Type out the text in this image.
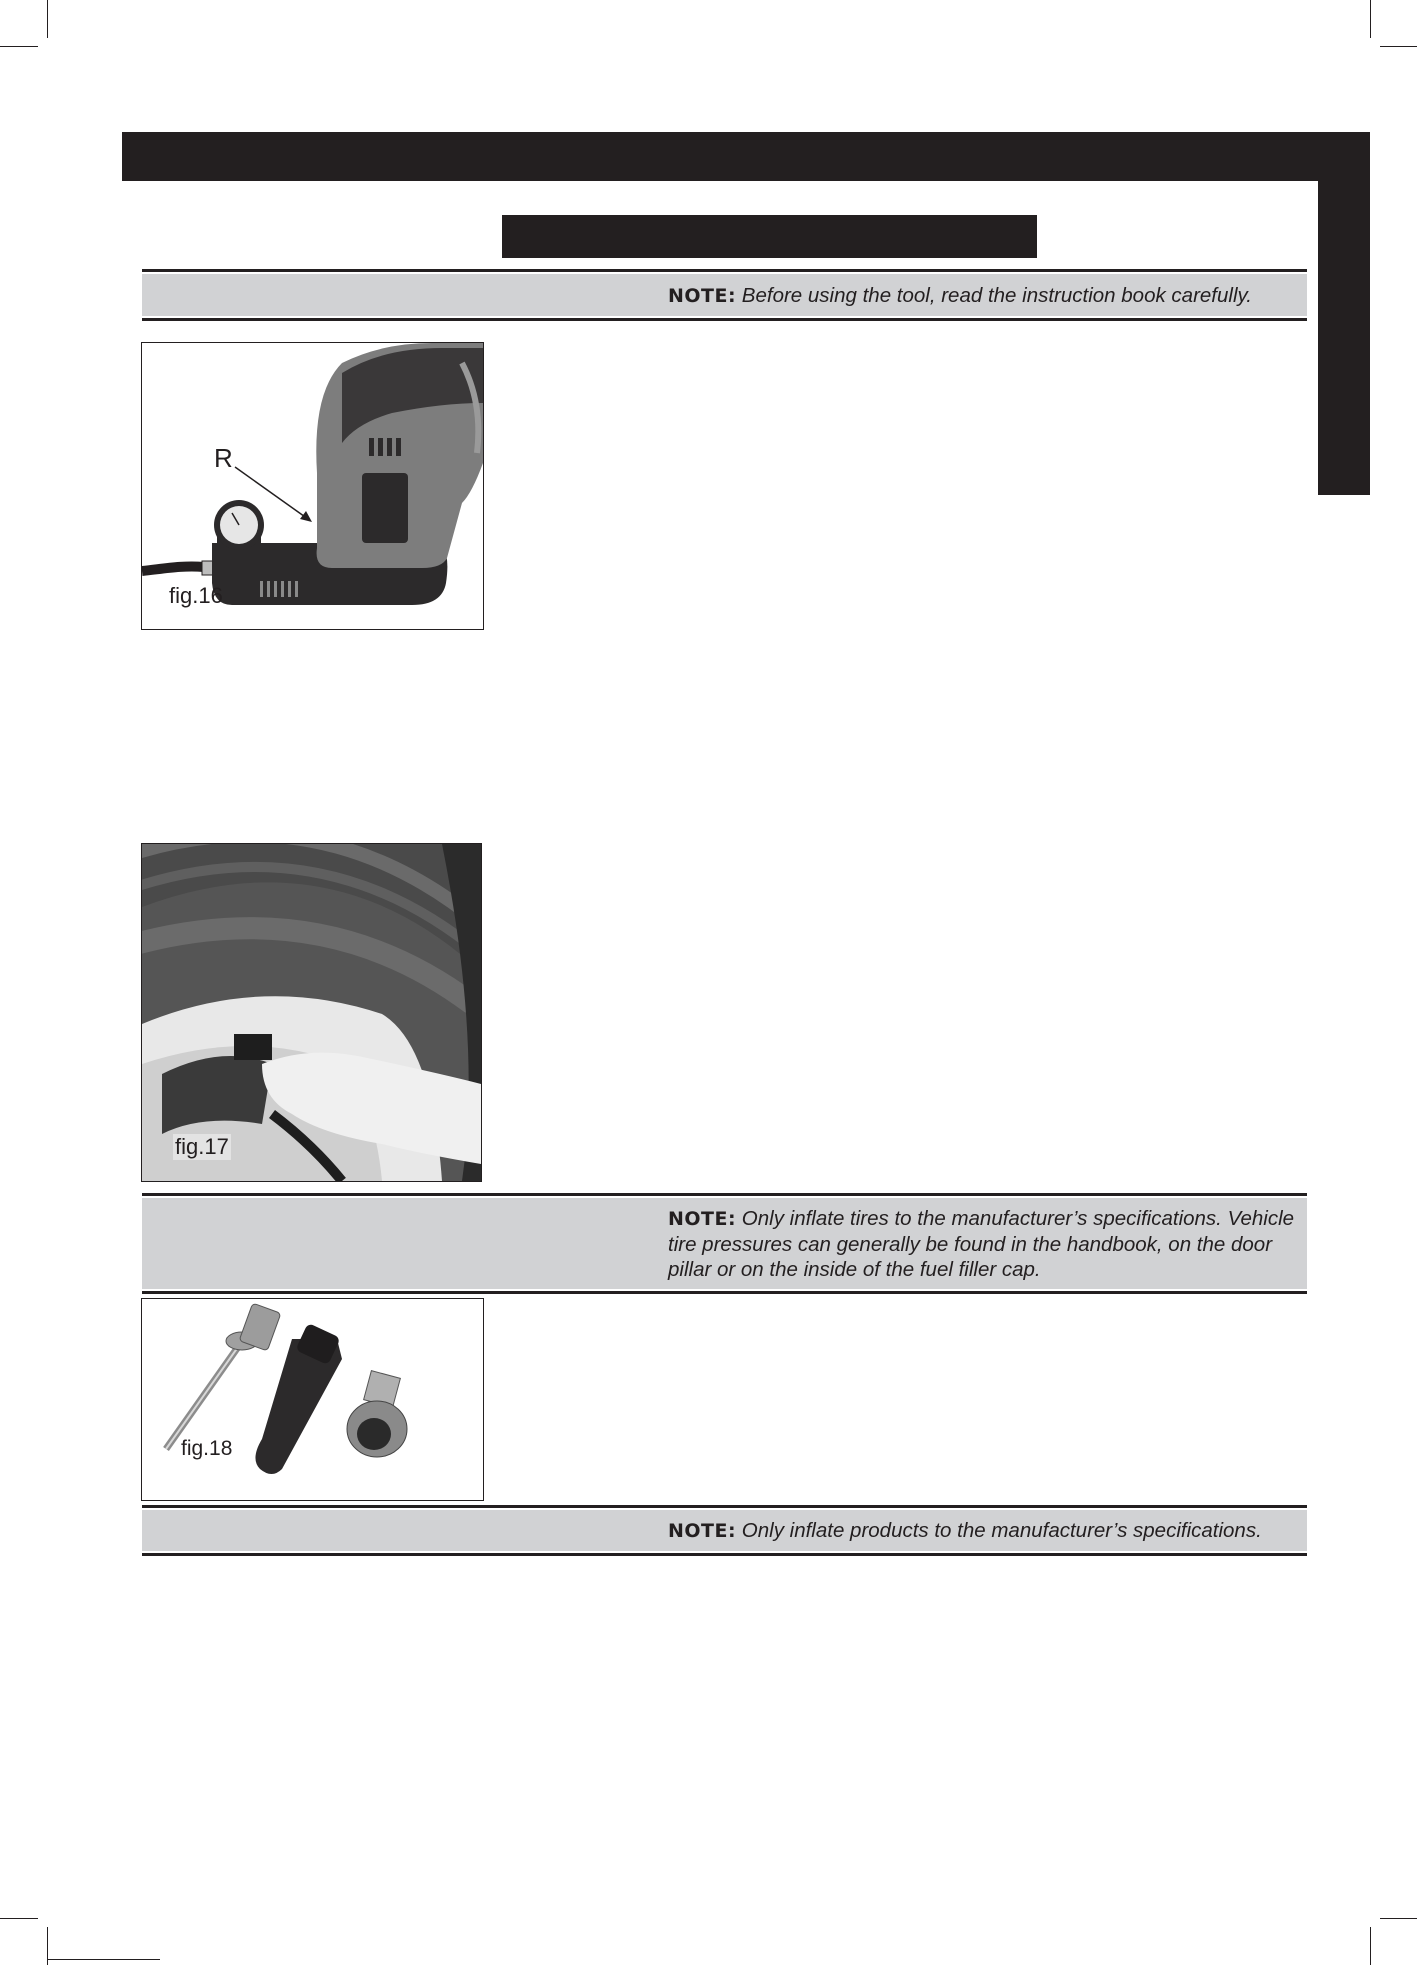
NOTE: Before using the tool, read the instruction book carefully.
R
fig.16
fig.17
NOTE: Only inflate tires to the manufacturer’s specifications. Vehicle tire pressures can generally be found in the handbook, on the door pillar or on the inside of the fuel filler cap.
fig.18
NOTE: Only inflate products to the manufacturer’s specifications.
